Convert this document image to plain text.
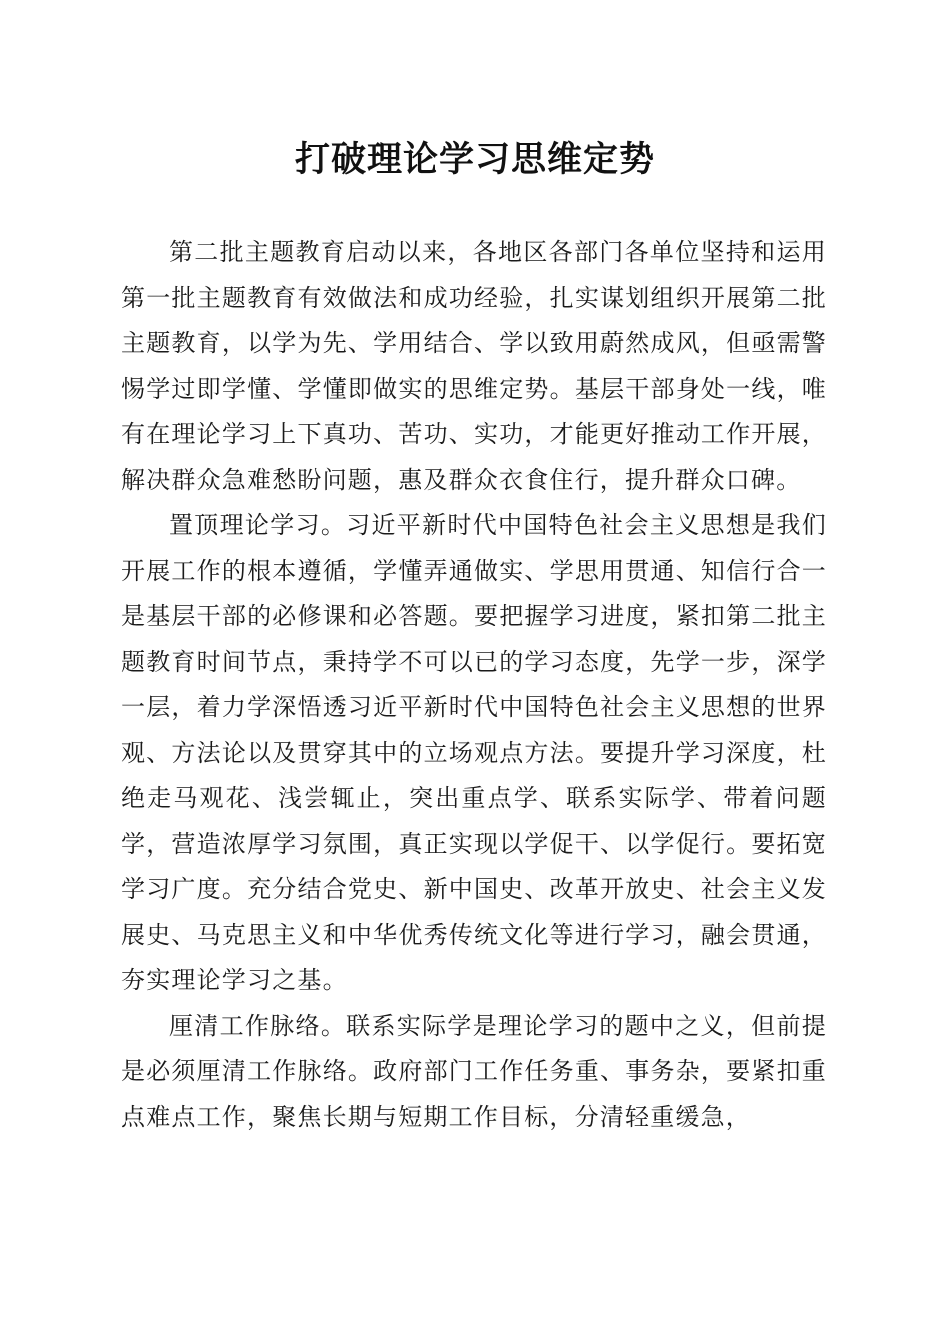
打破理论学习思维定势

第二批主题教育启动以来，各地区各部门各单位坚持和运用第一批主题教育有效做法和成功经验，扎实谋划组织开展第二批主题教育，以学为先、学用结合、学以致用蔚然成风，但亟需警惕学过即学懂、学懂即做实的思维定势。基层干部身处一线，唯有在理论学习上下真功、苦功、实功，才能更好推动工作开展，解决群众急难愁盼问题，惠及群众衣食住行，提升群众口碑。

置顶理论学习。习近平新时代中国特色社会主义思想是我们开展工作的根本遵循，学懂弄通做实、学思用贯通、知信行合一是基层干部的必修课和必答题。要把握学习进度，紧扣第二批主题教育时间节点，秉持学不可以已的学习态度，先学一步，深学一层，着力学深悟透习近平新时代中国特色社会主义思想的世界观、方法论以及贯穿其中的立场观点方法。要提升学习深度，杜绝走马观花、浅尝辄止，突出重点学、联系实际学、带着问题学，营造浓厚学习氛围，真正实现以学促干、以学促行。要拓宽学习广度。充分结合党史、新中国史、改革开放史、社会主义发展史、马克思主义和中华优秀传统文化等进行学习，融会贯通，夯实理论学习之基。

厘清工作脉络。联系实际学是理论学习的题中之义，但前提是必须厘清工作脉络。政府部门工作任务重、事务杂，要紧扣重点难点工作，聚焦长期与短期工作目标，分清轻重缓急，
